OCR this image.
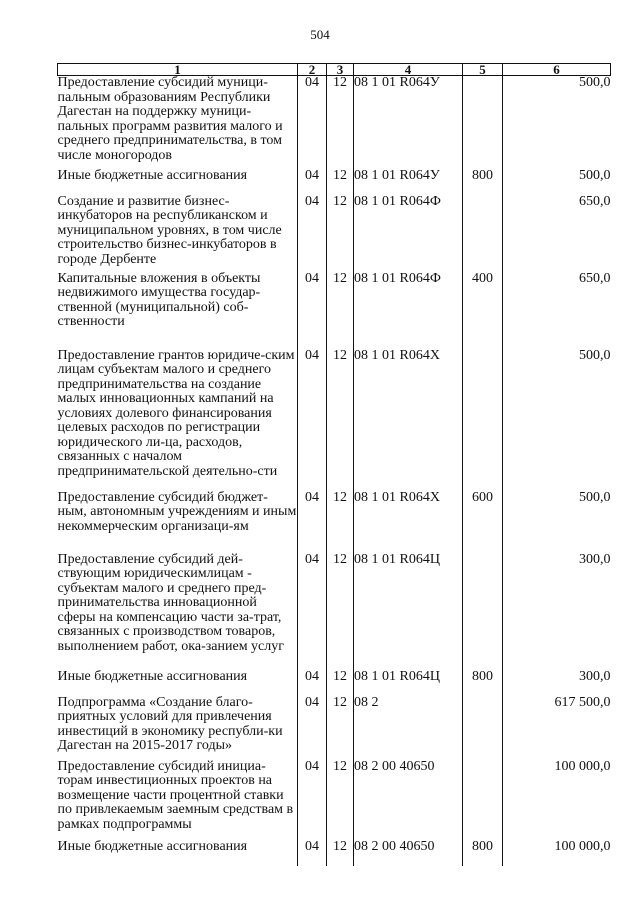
504
1	2	3	4	5	6
Предоставление субсидий муници-пальным образованиям Республики Дагестан на поддержку муници-пальных программ развития малого и среднего предпринимательства, в том числе моногородов	04	12	08 1 01 R064У		500,0
Иные бюджетные ассигнования	04	12	08 1 01 R064У	800	500,0
Создание и развитие бизнес-инкубаторов на республиканском и муниципальном уровнях, в том числе строительство бизнес-инкубаторов в городе Дербенте	04	12	08 1 01 R064Ф		650,0
Капитальные вложения в объекты недвижимого имущества государ-ственной (муниципальной) соб-ственности	04	12	08 1 01 R064Ф	400	650,0
Предоставление грантов юридиче-ским лицам субъектам малого и среднего предпринимательства на создание малых инновационных кампаний на условиях долевого финансирования целевых расходов по регистрации юридического ли-ца, расходов, связанных с началом предпринимательской деятельно-сти	04	12	08 1 01 R064Х		500,0
Предоставление субсидий бюджет-ным, автономным учреждениям и иным некоммерческим организаци-ям	04	12	08 1 01 R064Х	600	500,0
Предоставление субсидий дей-ствующим юридическимлицам - субъектам малого и среднего пред-принимательства инновационной сферы на компенсацию части за-трат, связанных с производством товаров, выполнением работ, ока-занием услуг	04	12	08 1 01 R064Ц		300,0
Иные бюджетные ассигнования	04	12	08 1 01 R064Ц	800	300,0
Подпрограмма «Создание благо-приятных условий для привлечения инвестиций в экономику республи-ки Дагестан на 2015-2017 годы»	04	12	08 2		617 500,0
Предоставление субсидий инициа-торам инвестиционных проектов на возмещение части процентной ставки по привлекаемым заемным средствам в рамках подпрограммы	04	12	08 2 00 40650		100 000,0
Иные бюджетные ассигнования	04	12	08 2 00 40650	800	100 000,0
